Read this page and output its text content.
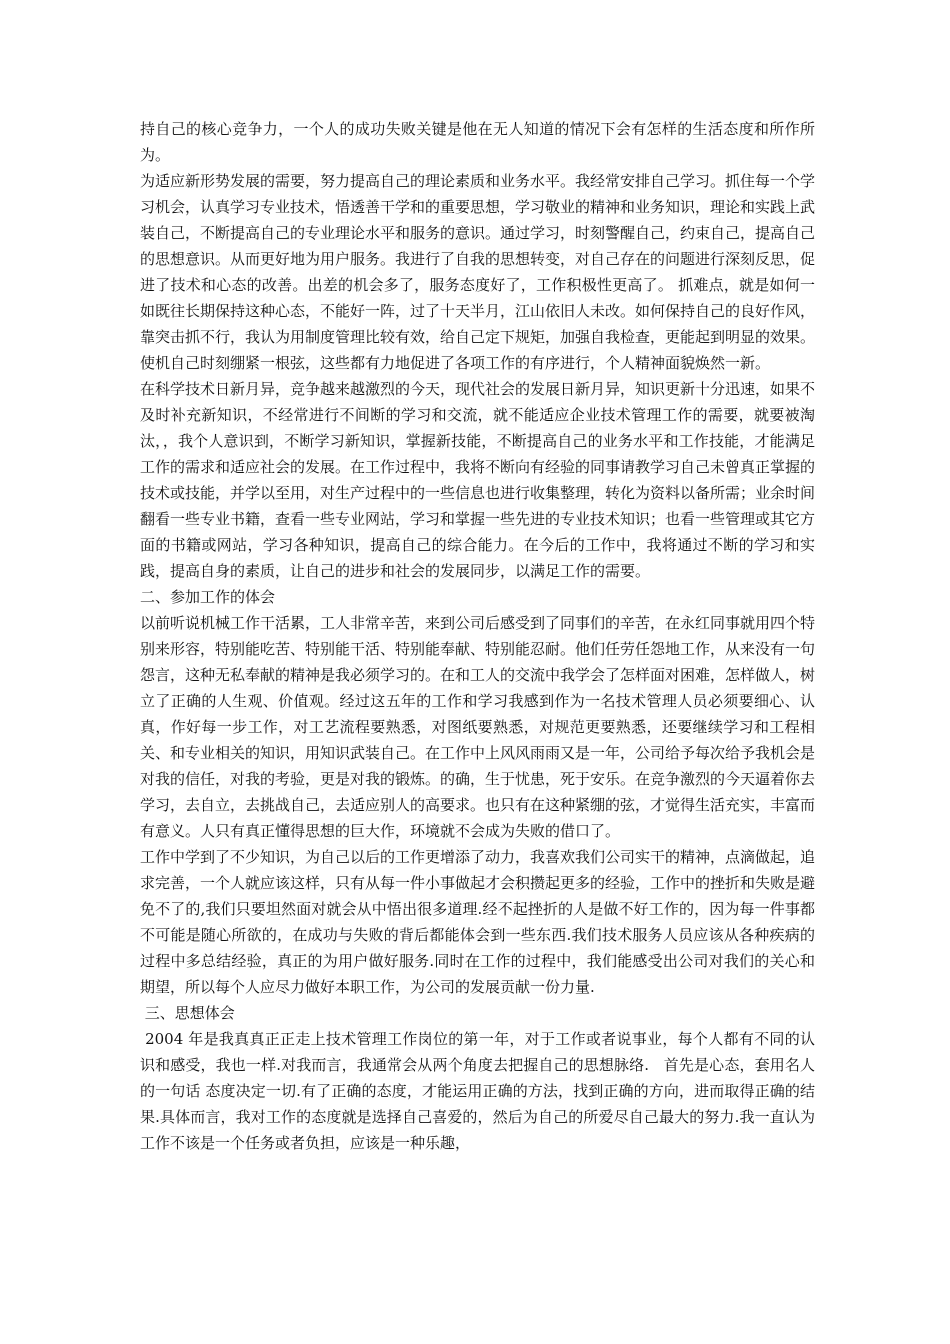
持自己的核心竞争力，一个人的成功失败关键是他在无人知道的情况下会有怎样的生活态度和所作所为。

为适应新形势发展的需要，努力提高自己的理论素质和业务水平。我经常安排自己学习。抓住每一个学习机会，认真学习专业技术，悟透善干学和的重要思想，学习敬业的精神和业务知识，理论和实践上武装自己，不断提高自己的专业理论水平和服务的意识。通过学习，时刻警醒自己，约束自己，提高自己的思想意识。从而更好地为用户服务。我进行了自我的思想转变，对自己存在的问题进行深刻反思，促进了技术和心态的改善。出差的机会多了，服务态度好了，工作积极性更高了。 抓难点，就是如何一如既往长期保持这种心态，不能好一阵，过了十天半月，江山依旧人未改。如何保持自己的良好作风，靠突击抓不行，我认为用制度管理比较有效，给自己定下规矩，加强自我检查，更能起到明显的效果。使机自己时刻绷紧一根弦，这些都有力地促进了各项工作的有序进行，个人精神面貌焕然一新。

在科学技术日新月异，竞争越来越激烈的今天，现代社会的发展日新月异，知识更新十分迅速，如果不及时补充新知识，不经常进行不间断的学习和交流，就不能适应企业技术管理工作的需要，就要被淘汰，，我个人意识到，不断学习新知识，掌握新技能，不断提高自己的业务水平和工作技能，才能满足工作的需求和适应社会的发展。在工作过程中，我将不断向有经验的同事请教学习自己未曾真正掌握的技术或技能，并学以至用，对生产过程中的一些信息也进行收集整理，转化为资料以备所需；业余时间翻看一些专业书籍，查看一些专业网站，学习和掌握一些先进的专业技术知识；也看一些管理或其它方面的书籍或网站，学习各种知识，提高自己的综合能力。在今后的工作中，我将通过不断的学习和实践，提高自身的素质，让自己的进步和社会的发展同步，以满足工作的需要。

二、参加工作的体会

以前听说机械工作干活累，工人非常辛苦，来到公司后感受到了同事们的辛苦，在永红同事就用四个特别来形容，特别能吃苦、特别能干活、特别能奉献、特别能忍耐。他们任劳任怨地工作，从来没有一句怨言，这种无私奉献的精神是我必须学习的。在和工人的交流中我学会了怎样面对困难，怎样做人，树立了正确的人生观、价值观。经过这五年的工作和学习我感到作为一名技术管理人员必须要细心、认真，作好每一步工作，对工艺流程要熟悉，对图纸要熟悉，对规范更要熟悉，还要继续学习和工程相关、和专业相关的知识，用知识武装自己。在工作中上风风雨雨又是一年，公司给予每次给予我机会是对我的信任，对我的考验，更是对我的锻炼。的确，生于忧患，死于安乐。在竞争激烈的今天逼着你去学习，去自立，去挑战自己，去适应别人的高要求。也只有在这种紧绷的弦，才觉得生活充实，丰富而有意义。人只有真正懂得思想的巨大作，环境就不会成为失败的借口了。

工作中学到了不少知识，为自己以后的工作更增添了动力，我喜欢我们公司实干的精神，点滴做起，追求完善，一个人就应该这样，只有从每一件小事做起才会积攒起更多的经验，工作中的挫折和失败是避免不了的,我们只要坦然面对就会从中悟出很多道理.经不起挫折的人是做不好工作的，因为每一件事都不可能是随心所欲的，在成功与失败的背后都能体会到一些东西.我们技术服务人员应该从各种疾病的过程中多总结经验，真正的为用户做好服务.同时在工作的过程中，我们能感受出公司对我们的关心和期望，所以每个人应尽力做好本职工作，为公司的发展贡献一份力量.

三、思想体会

2004 年是我真真正正走上技术管理工作岗位的第一年，对于工作或者说事业，每个人都有不同的认识和感受，我也一样.对我而言，我通常会从两个角度去把握自己的思想脉络.   首先是心态，套用名人的一句话 态度决定一切.有了正确的态度，才能运用正确的方法，找到正确的方向，进而取得正确的结果.具体而言，我对工作的态度就是选择自己喜爱的，然后为自己的所爱尽自己最大的努力.我一直认为工作不该是一个任务或者负担，应该是一种乐趣，
